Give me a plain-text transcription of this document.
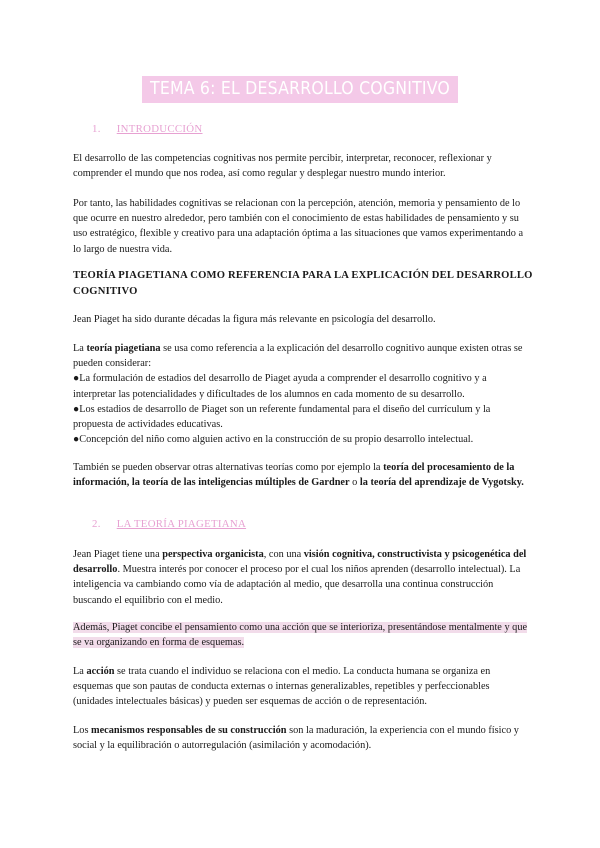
TEMA 6: EL DESARROLLO COGNITIVO
1. INTRODUCCIÓN

El desarrollo de las competencias cognitivas nos permite percibir, interpretar, reconocer, reflexionar y comprender el mundo que nos rodea, así como regular y desplegar nuestro mundo interior.

Por tanto, las habilidades cognitivas se relacionan con la percepción, atención, memoria y pensamiento de lo que ocurre en nuestro alrededor, pero también con el conocimiento de estas habilidades de pensamiento y su uso estratégico, flexible y creativo para una adaptación óptima a las situaciones que vamos experimentando a lo largo de nuestra vida.

TEORÍA PIAGETIANA COMO REFERENCIA PARA LA EXPLICACIÓN DEL DESARROLLO COGNITIVO

Jean Piaget ha sido durante décadas la figura más relevante en psicología del desarrollo.

La teoría piagetiana se usa como referencia a la explicación del desarrollo cognitivo aunque existen otras se pueden considerar:
●La formulación de estadios del desarrollo de Piaget ayuda a comprender el desarrollo cognitivo y a interpretar las potencialidades y dificultades de los alumnos en cada momento de su desarrollo.
●Los estadios de desarrollo de Piaget son un referente fundamental para el diseño del currículum y la propuesta de actividades educativas.
●Concepción del niño como alguien activo en la construcción de su propio desarrollo intelectual.

También se pueden observar otras alternativas teorías como por ejemplo la teoría del procesamiento de la información, la teoría de las inteligencias múltiples de Gardner o la teoría del aprendizaje de Vygotsky.

2. LA TEORÍA PIAGETIANA

Jean Piaget tiene una perspectiva organicista, con una visión cognitiva, constructivista y psicogenética del desarrollo. Muestra interés por conocer el proceso por el cual los niños aprenden (desarrollo intelectual). La inteligencia va cambiando como vía de adaptación al medio, que desarrolla una continua construcción buscando el equilibrio con el medio.

Además, Piaget concibe el pensamiento como una acción que se interioriza, presentándose mentalmente y que se va organizando en forma de esquemas.

La acción se trata cuando el individuo se relaciona con el medio. La conducta humana se organiza en esquemas que son pautas de conducta externas o internas generalizables, repetibles y perfeccionables (unidades intelectuales básicas) y pueden ser esquemas de acción o de representación.

Los mecanismos responsables de su construcción son la maduración, la experiencia con el mundo físico y social y la equilibración o autorregulación (asimilación y acomodación).
